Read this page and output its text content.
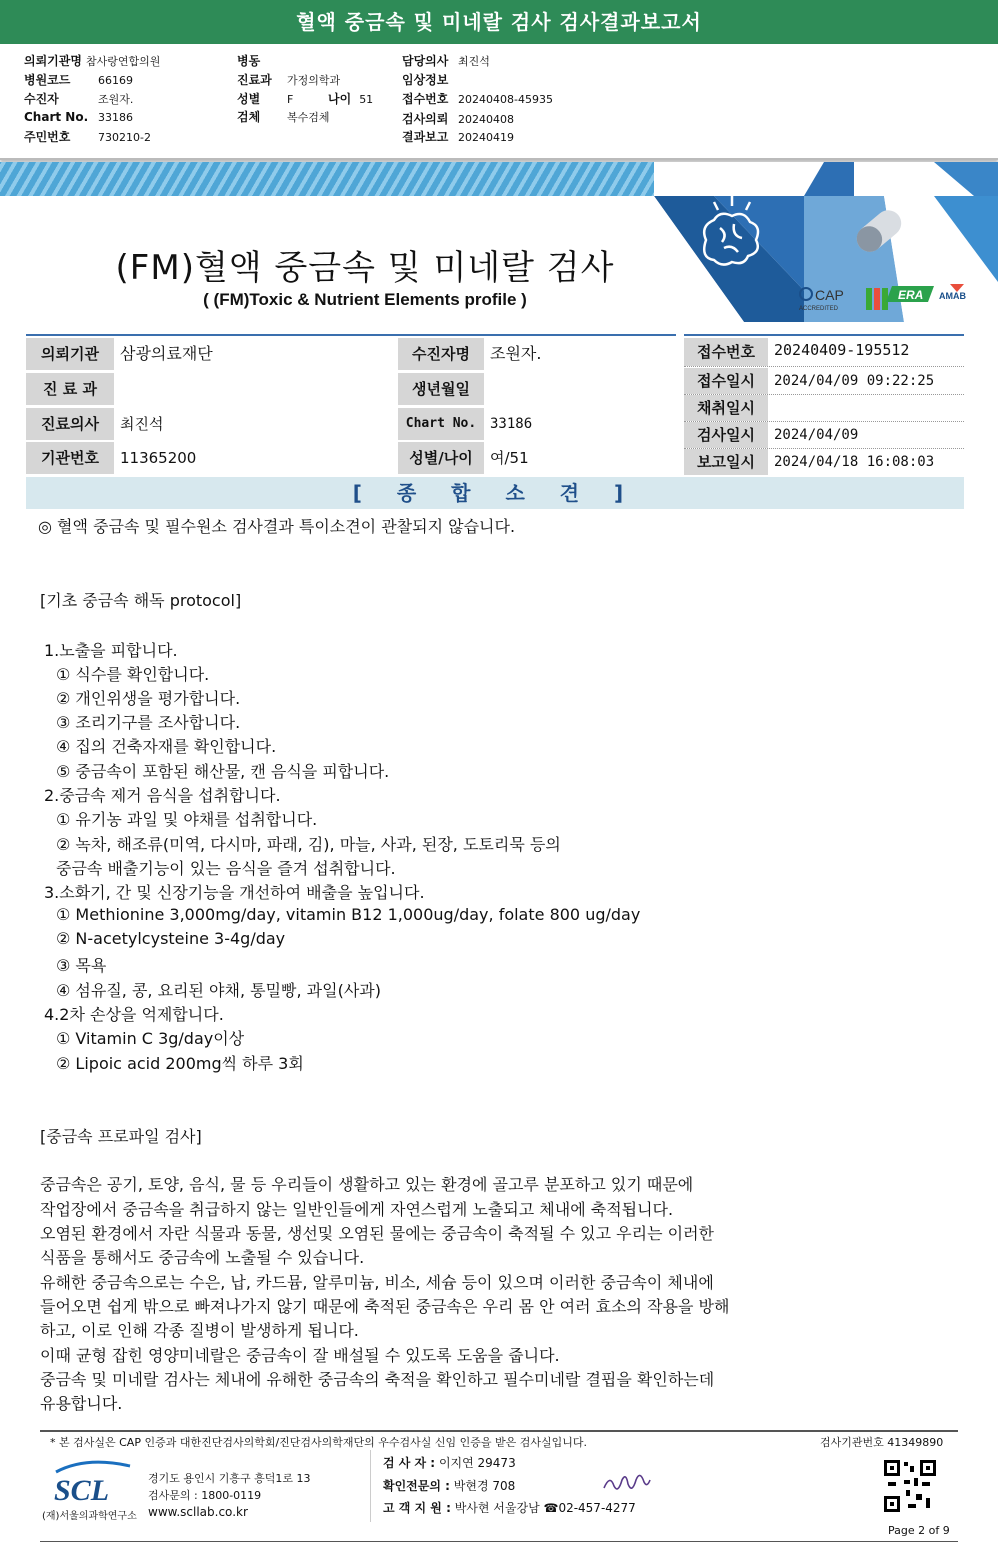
혈액 중금속 및 미네랄 검사 검사결과보고서
의뢰기관명 참사랑연합의원
병원코드	66169
수진자	조원자.
Chart No. 33186
주민번호	730210-2
병동
진료과 가정의학과
성별 F	나이 51
검체 복수검체
담당의사 최진석
임상정보
접수번호 20240408-45935
검사의뢰 20240408
결과보고 20240419
CAP
ACCREDITED
ERA AMAB
(FM)혈액 중금속 및 미네랄 검사
( (FM)Toxic & Nutrient Elements profile )
의뢰기관	삼광의료재단
진 료 과
진료의사	최진석
기관번호	11365200
수진자명	조원자.
생년월일
Chart No. 33186
성별/나이	여/51
접수번호	20240409-195512
접수일시	2024/04/09 09:22:25
채취일시
검사일시	2024/04/09
보고일시	2024/04/18 16:08:03
[ 종 합 소 견 ]
◎ 혈액 중금속 및 필수원소 검사결과 특이소견이 관찰되지 않습니다.
[기초 중금속 해독 protocol]
1.노출을 피합니다.
① 식수를 확인합니다.
② 개인위생을 평가합니다.
③ 조리기구를 조사합니다.
④ 집의 건축자재를 확인합니다.
⑤ 중금속이 포함된 해산물, 캔 음식을 피합니다.
2.중금속 제거 음식을 섭취합니다.
① 유기농 과일 및 야채를 섭취합니다.
② 녹차, 해조류(미역, 다시마, 파래, 김), 마늘, 사과, 된장, 도토리묵 등의
중금속 배출기능이 있는 음식을 즐겨 섭취합니다.
3.소화기, 간 및 신장기능을 개선하여 배출을 높입니다.
① Methionine 3,000mg/day, vitamin B12 1,000ug/day, folate 800 ug/day
② N-acetylcysteine 3-4g/day
③ 목욕
④ 섬유질, 콩, 요리된 야채, 통밀빵, 과일(사과)
4.2차 손상을 억제합니다.
① Vitamin C 3g/day이상
② Lipoic acid 200mg씩 하루 3회
[중금속 프로파일 검사]
중금속은 공기, 토양, 음식, 물 등 우리들이 생활하고 있는 환경에 골고루 분포하고 있기 때문에
작업장에서 중금속을 취급하지 않는 일반인들에게 자연스럽게 노출되고 체내에 축적됩니다.
오염된 환경에서 자란 식물과 동물, 생선및 오염된 물에는 중금속이 축적될 수 있고 우리는 이러한
식품을 통해서도 중금속에 노출될 수 있습니다.
유해한 중금속으로는 수은, 납, 카드뮴, 알루미늄, 비소, 세슘 등이 있으며 이러한 중금속이 체내에
들어오면 쉽게 밖으로 빠져나가지 않기 때문에 축적된 중금속은 우리 몸 안 여러 효소의 작용을 방해
하고, 이로 인해 각종 질병이 발생하게 됩니다.
이때 균형 잡힌 영양미네랄은 중금속이 잘 배설될 수 있도록 도움을 줍니다.
중금속 및 미네랄 검사는 체내에 유해한 중금속의 축적을 확인하고 필수미네랄 결핍을 확인하는데
유용합니다.
* 본 검사실은 CAP 인증과 대한진단검사의학회/진단검사의학재단의 우수검사실 신임 인증을 받은 검사실입니다.	검사기관번호 41349890
SCL
(재)서울의과학연구소
경기도 용인시 기흥구 흥덕1로 13
검사문의 : 1800-0119
www.scllab.co.kr
검 사 자 : 이지연 29473
확인전문의 : 박현경 708
고 객 지 원 : 박사현 서울강남 ☎02-457-4277
Page 2 of 9
